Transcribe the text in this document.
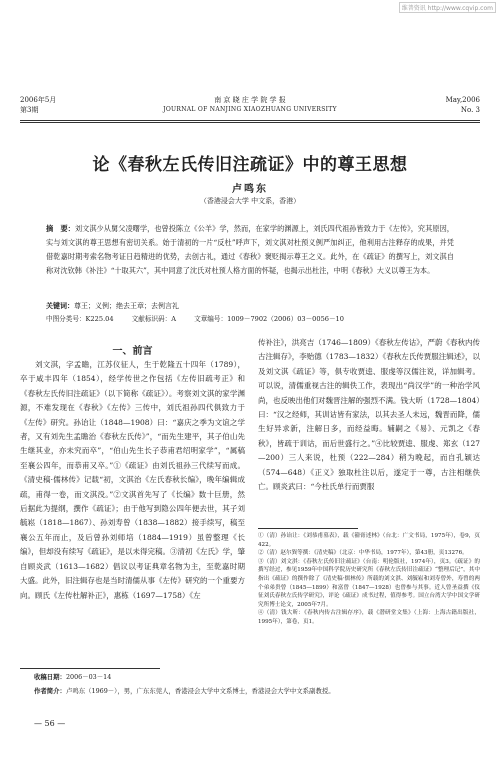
维普资讯 http://www.cqvip.com
2006年5月
第3期
南 京 晓 庄 学 院 学 报
JOURNAL OF NANJING XIAOZHUANG UNIVERSITY
May,2006
No. 3
论《春秋左氏传旧注疏证》中的尊王思想
卢鸣东
（香港浸会大学 中文系，香港）
摘　要：刘文淇少从舅父凌曙学，也曾投陈立《公羊》学，然而，在家学的渊源上，刘氏四代祖孙皆致力于《左传》，究其原因，实与刘文淇的尊王思想有密切关系。始于清初的一片“反杜”呼声下，刘文淇对杜预义例严加纠正，他利用古注释存的成果，并凭借乾嘉时期考索名物考证日趋精进的优势，去创古礼，通过《春秋》褒贬揭示尊王之义。此外，在《疏证》的撰写上，刘文淇自称对沈钦韩《补注》“十取其六”，其中同意了沈氏对杜预人格方面的怀疑，也揭示出杜注，中明《春秋》大义以尊王为本。
关键词：尊王；义例；绝去王章；去例言礼
中图分类号：K225.04	文献标识码：A	文章编号：1009－7902（2006）03－0056－10
一、前言
刘文淇，字孟瞻，江苏仪征人，生于乾隆五十四年（1789），卒于咸丰四年（1854），经学传世之作包括《左传旧疏考正》和《春秋左氏传旧注疏证》（以下简称《疏证》）。考察刘文淇的家学渊源，不难发现在《春秋》《左传》三传中，刘氏祖孙四代俱致力于《左传》研究。孙诒让（1848—1908）曰：“嘉庆之季为文谊之学者，又有刘先生孟瞻治《春秋左氏传》”，“而先生建平，其子伯山先生继其业，亦未究而卒”，“伯山先生长子恭甫君绍明家学”，“属稿至襄公四年，而恭甫又卒。”①《疏证》由刘氏祖孙三代续写而成。《清史稿·儒林传》记载“初，文淇治《左氏春秋长编》，晚年编辑成疏，甫得一卷，而文淇没。”②文淇首先写了《长编》数十巨册，然后据此为提纲，撰作《疏证》；由于他写到隐公四年便去世，其子刘毓崧（1818—1867）、孙刘寿曾（1838—1882）接手续写，稿至襄公五年而止，及后曾孙刘师培（1884—1919）虽曾整理《长编》，但却没有续写《疏证》，是以未得完稿。③清初《左氏》学，肇自顾炎武（1613—1682）倡议以考证典章名物为主，至乾嘉时期大盛。此外，旧注辑存也是当时清儒从事《左传》研究的一个重要方向。顾氏《左传杜解补正》，惠栋（1697—1758）《左

传补注》，洪亮吉（1746—1809）《春秋左传诂》，严蔚《春秋内传古注辑存》，李贻德（1783—1832）《春秋左氏传贾服注辑述》，以及刘文淇《疏证》等，俱专收贾逵、服虔等汉儒注说，详加辑考。可以说，清儒重视古注的辑佚工作，表现出“尚汉学”的一种治学风尚，也反映出他们对魏晋注解的强烈不满。钱大昕（1728—1804）曰：“汉之经师，其训诂皆有家法，以其去圣人未远，魏晋而降，儒生好异求新，注解日多，而经益晦。辅嗣之《易》、元凯之《春秋》，皆疏于训诂，而后世盛行之。”④比较贾逵、服虔、郑玄（127—200）三人来说，杜预（222—284）稍为晚起，而自孔颖达（574—648）《正义》独取杜注以后，遂定于一尊，古注相继佚亡。顾炎武曰：“今杜氏单行而贾服

①（清）孙诒让：《刘恭甫墓表》，载《籀膏述林》（台北：广文书局，1975年），卷9，页422。
②（清）赵尔巽等撰：《清史稿》（北京：中华书局，1977年），第43册，页13276。
③（清）刘文淇：《春秋左氏传旧注疏证》（台南：明伦版社，1974年），页3。《疏证》的撰写经过，参见1959年中国科学院历史研究所《春秋左氏传旧注疏证》“整理后记”，其中指出《疏证》的撰作除了《清史稿·儒林传》所载的刘文淇、刘毓崧和刘寿曾外，寿曾的两个弟弟贵曾（1845—1899）和富曾（1847—1928）也曾参与其事。近人曾圣益撰《仪征刘氏春秋左氏传学研究》，评论《疏证》成书过程，值得参考。国立台湾大学中国文学研究所博士论文，2005年7月。
④（清）钱大昕：《春秋内传古注辑存序》，载《潜研堂文集》（上海：上海古籍出版社，1995年），第卷，页1。
收稿日期：2006－03－14
作者简介：卢鸣东（1969－），男，广东东莞人，香港浸会大学中文系博士，香港浸会大学中文系副教授。
— 56 —
